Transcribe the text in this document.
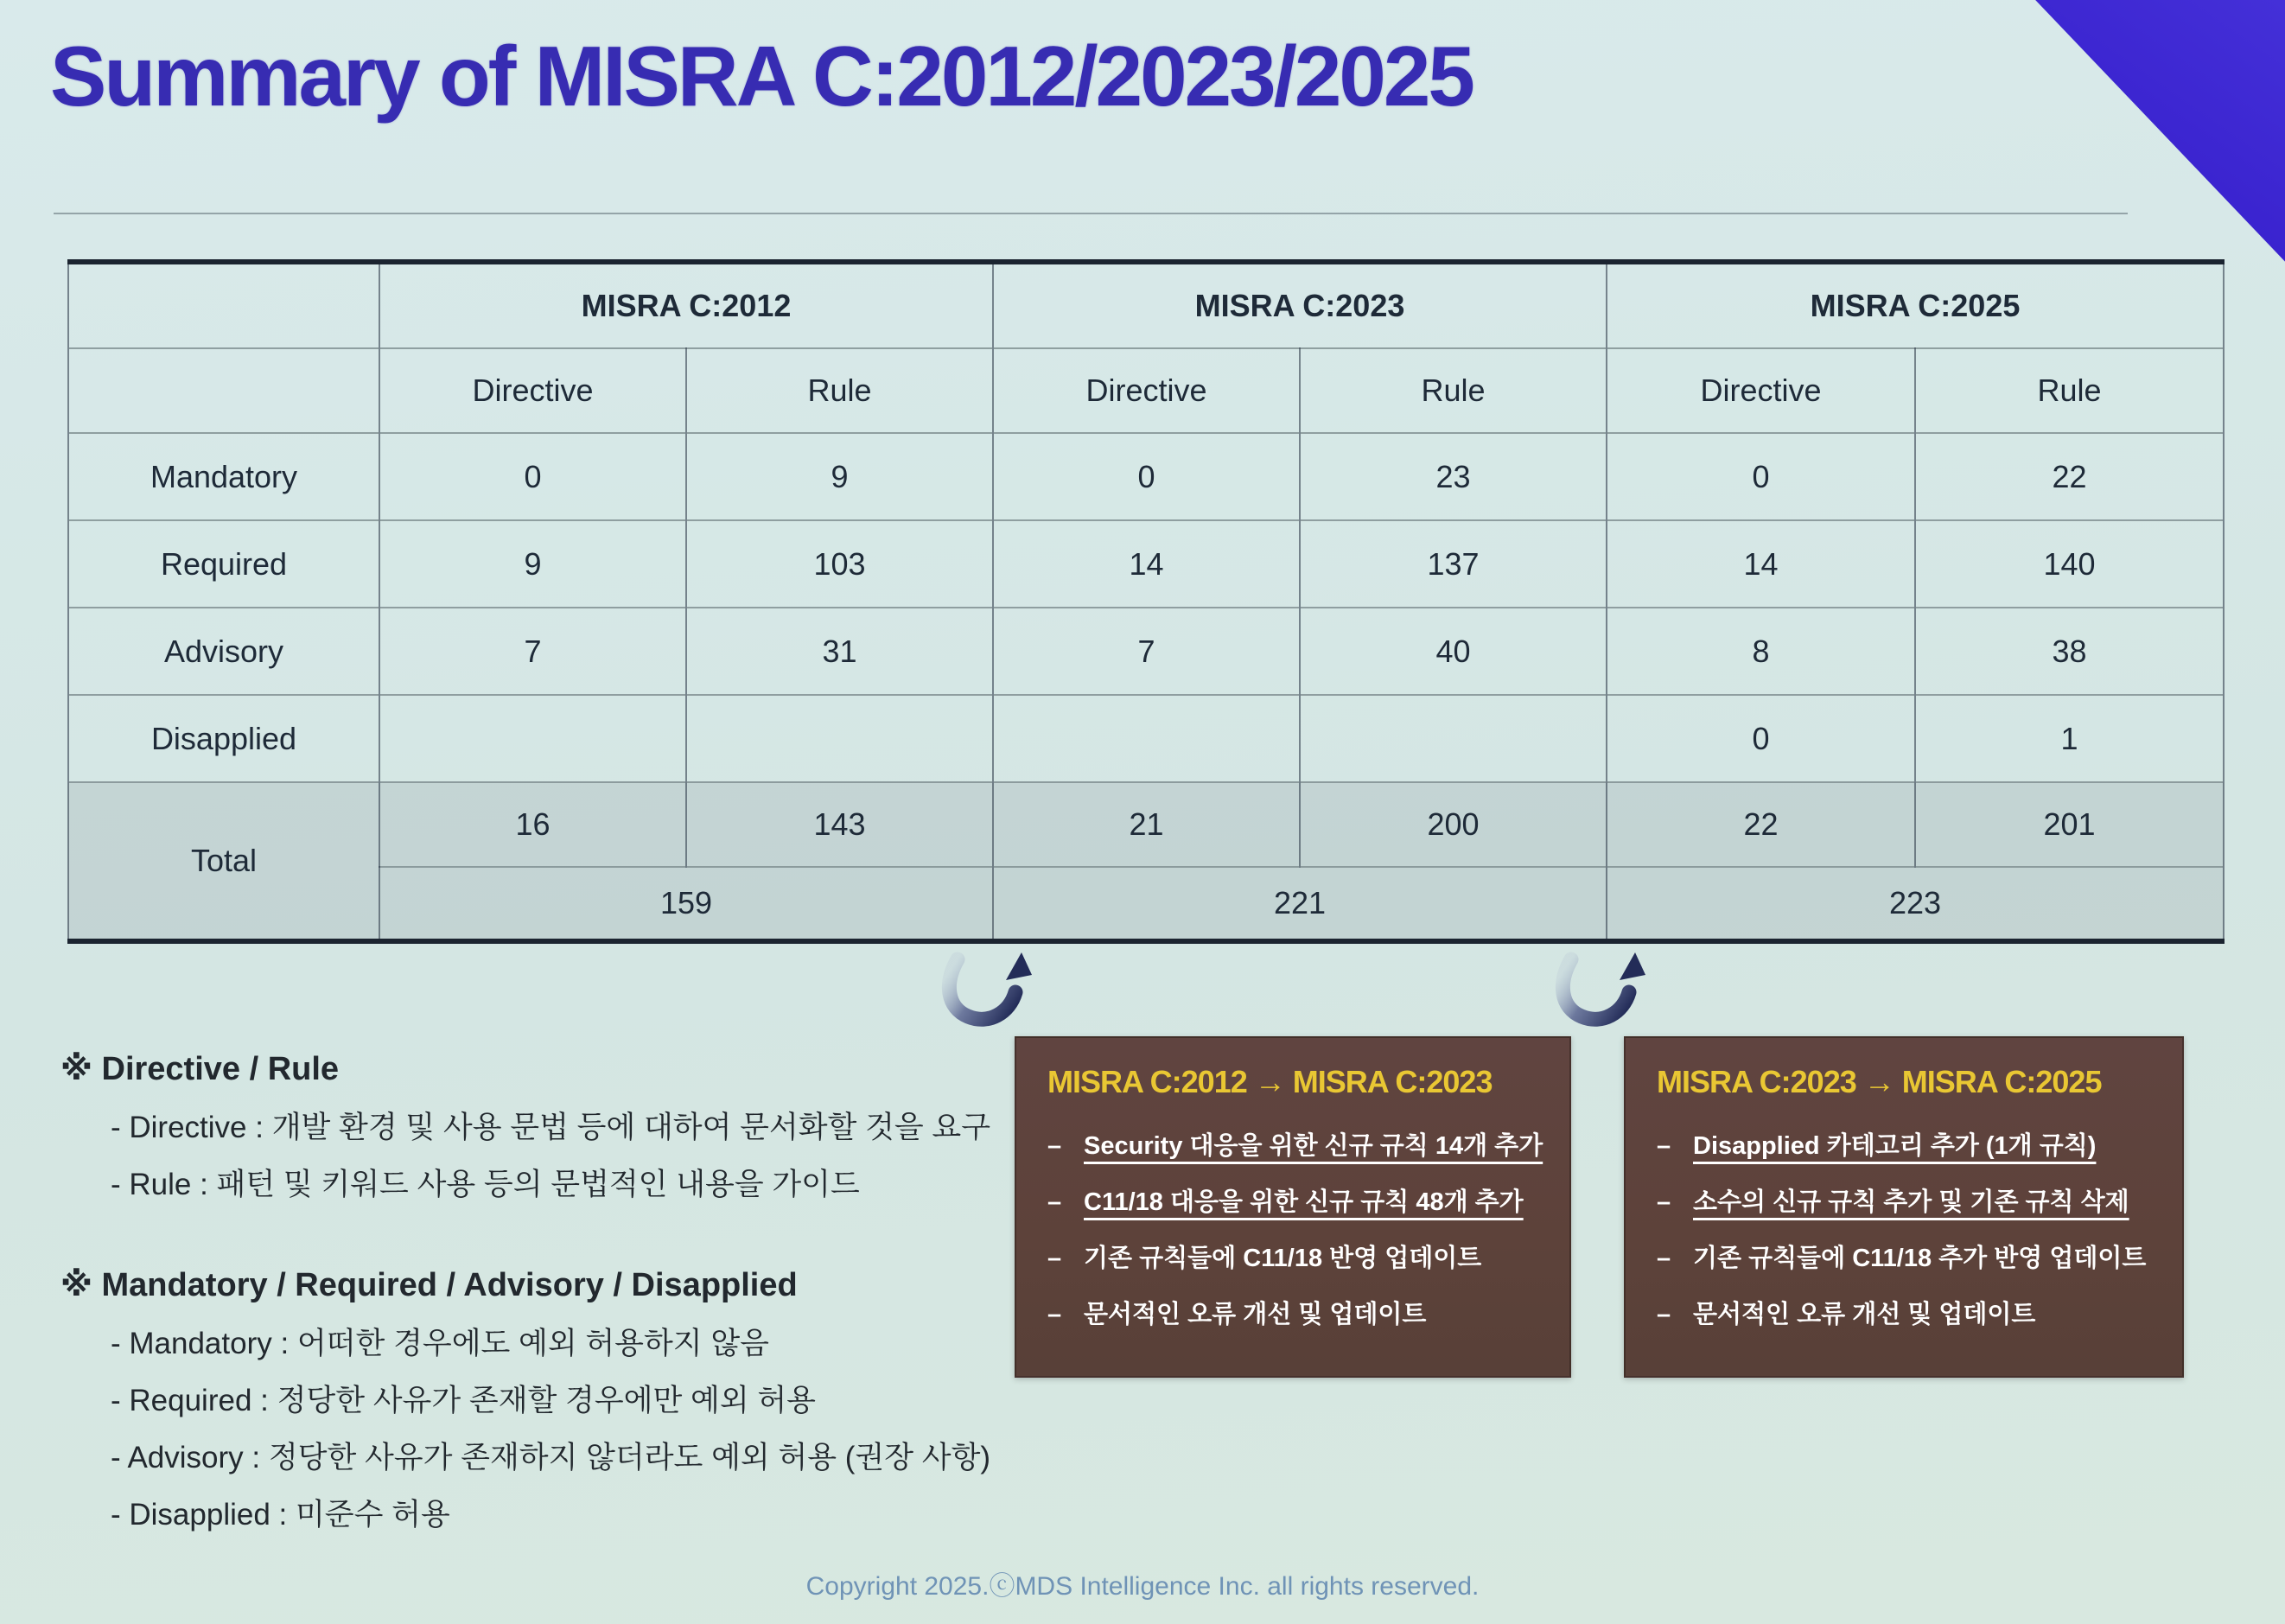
Summary of MISRA C:2012/2023/2025
	MISRA C:2012		MISRA C:2023		MISRA C:2025	
	Directive	Rule	Directive	Rule	Directive	Rule
Mandatory	0	9	0	23	0	22
Required	9	103	14	137	14	140
Advisory	7	31	7	40	8	38
Disapplied					0	1
Total	16	143	21	200	22	201
	159		221		223	
※ Directive / Rule
- Directive : 개발 환경 및 사용 문법 등에 대하여 문서화할 것을 요구
- Rule : 패턴 및 키워드 사용 등의 문법적인 내용을 가이드
※ Mandatory / Required / Advisory / Disapplied
- Mandatory : 어떠한 경우에도 예외 허용하지 않음
- Required : 정당한 사유가 존재할 경우에만 예외 허용
- Advisory : 정당한 사유가 존재하지 않더라도 예외 허용 (권장 사항)
- Disapplied : 미준수 허용
MISRA C:2012 → MISRA C:2023
– Security 대응을 위한 신규 규칙 14개 추가
– C11/18 대응을 위한 신규 규칙 48개 추가
– 기존 규칙들에 C11/18 반영 업데이트
– 문서적인 오류 개선 및 업데이트
MISRA C:2023 → MISRA C:2025
– Disapplied 카테고리 추가 (1개 규칙)
– 소수의 신규 규칙 추가 및 기존 규칙 삭제
– 기존 규칙들에 C11/18 추가 반영 업데이트
– 문서적인 오류 개선 및 업데이트
Copyright 2025.ⓒMDS Intelligence Inc. all rights reserved.
